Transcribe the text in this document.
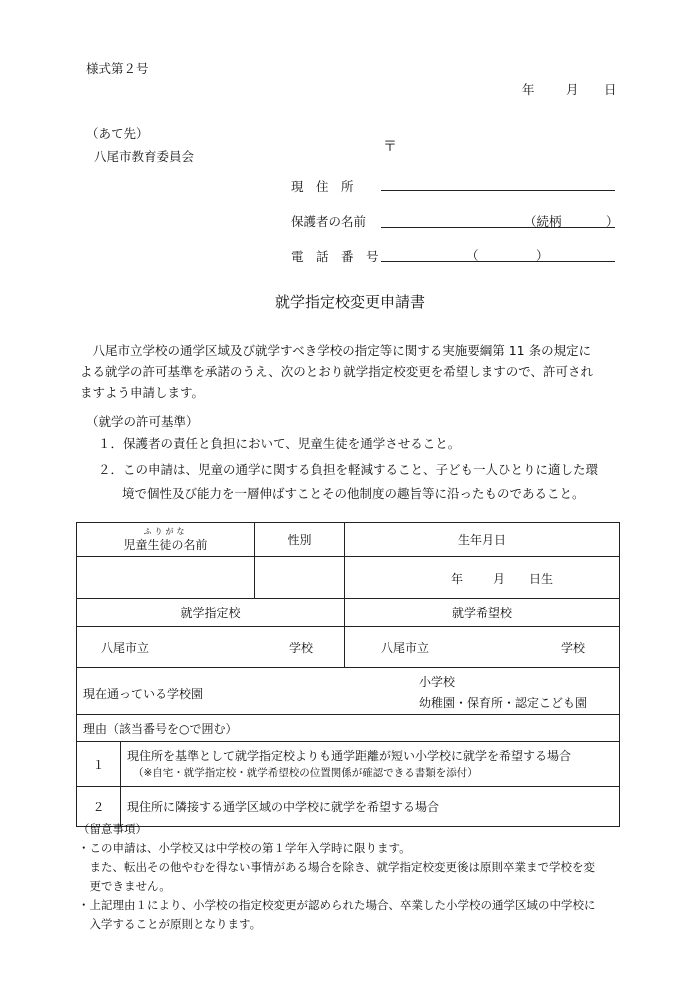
様式第２号
年	月 日
（あて先）
八尾市教育委員会
〒
現　住　所
保護者の名前	（続柄	）
電　話　番　号	（	）
就学指定校変更申請書
　八尾市立学校の通学区域及び就学すべき学校の指定等に関する実施要綱第 11 条の規定に
よる就学の許可基準を承諾のうえ、次のとおり就学指定校変更を希望しますので、許可され
ますよう申請します。
（就学の許可基準）
１．保護者の責任と負担において、児童生徒を通学させること。
２．この申請は、児童の通学に関する負担を軽減すること、子ども一人ひとりに適した環
境で個性及び能力を一層伸ばすことその他制度の趣旨等に沿ったものであること。
ふりがな
児童生徒の名前		性別	生年月日

			年 月 日生

就学指定校			就学希望校

八尾市立 学校			八尾市立 学校

現在通っている学校園
小学校
幼稚園・保育所・認定こども園			

理由（該当番号を○で囲む）			
１	現住所を基準として就学指定校よりも通学距離が短い小学校に就学を希望する場合
（※自宅・就学指定校・就学希望校の位置関係が確認できる書類を添付）		

２	現住所に隣接する通学区域の中学校に就学を希望する場合		
（留意事項）
・この申請は、小学校又は中学校の第１学年入学時に限ります。
　また、転出その他やむを得ない事情がある場合を除き、就学指定校変更後は原則卒業まで学校を変
　更できません。
・上記理由１により、小学校の指定校変更が認められた場合、卒業した小学校の通学区域の中学校に
　入学することが原則となります。
